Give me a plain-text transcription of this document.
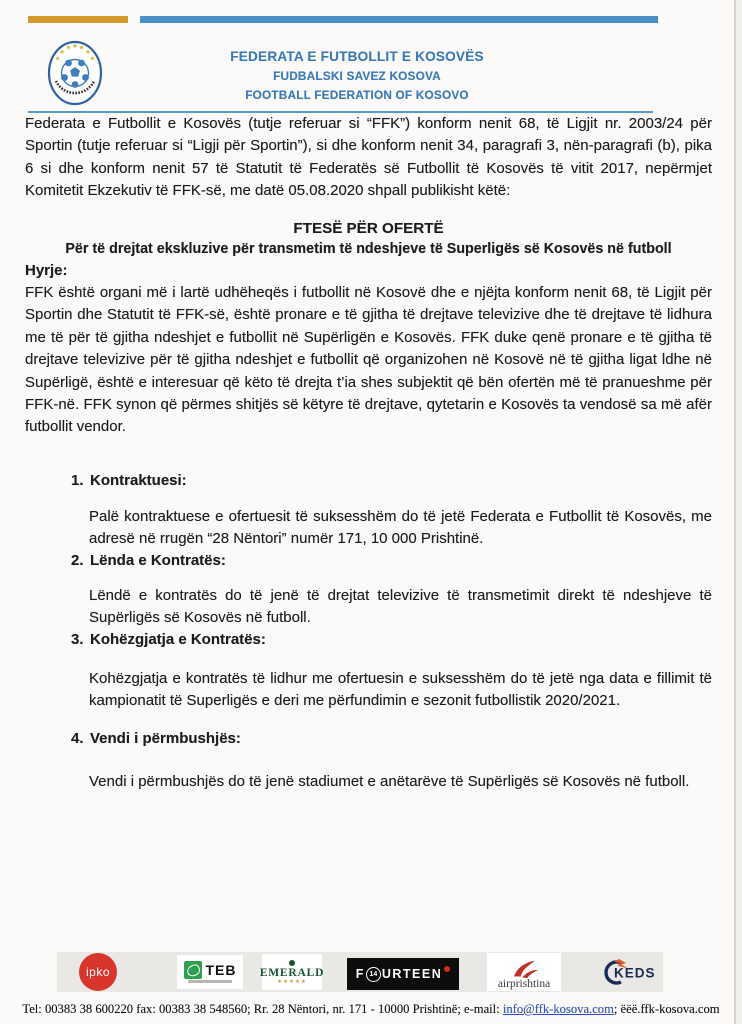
★
★
★ ★ ★
★
★	FEDERATA E FUTBOLLIT E KOSOVËS
FUDBALSKI SAVEZ KOSOVA
FOOTBALL FEDERATION OF KOSOVO

Federata e Futbollit e Kosovës (tutje referuar si “FFK”) konform nenit 68, të Ligjit nr. 2003/24 për Sportin (tutje referuar si “Ligji për Sportin”), si dhe konform nenit 34, paragrafi 3, nën-paragrafi (b), pika 6 si dhe konform nenit 57 të Statutit të Federatës së Futbollit të Kosovës të vitit 2017, nepërmjet Komitetit Ekzekutiv të FFK-së, me datë 05.08.2020 shpall publikisht këtë:

FTESË PËR OFERTË
Për të drejtat ekskluzive për transmetim të ndeshjeve të Superligës së Kosovës në futboll

Hyrje:

FFK është organi më i lartë udhëheqës i futbollit në Kosovë dhe e njëjta konform nenit 68, të Ligjit për Sportin dhe Statutit të FFK-së, është pronare e të gjitha të drejtave televizive dhe të drejtave të lidhura me të për të gjitha ndeshjet e futbollit në Supërligën e Kosovës. FFK duke qenë pronare e të gjitha të drejtave televizive për të gjitha ndeshjet e futbollit që organizohen në Kosovë në të gjitha ligat ldhe në Supërligë, është e interesuar që këto të drejta t’ia shes subjektit që bën ofertën më të pranueshme për FFK-në. FFK synon që përmes shitjës së këtyre të drejtave, qytetarin e Kosovës ta vendosë sa më afër futbollit vendor.

1. Kontraktuesi:

Palë kontraktuese e ofertuesit të suksesshëm do të jetë Federata e Futbollit të Kosovës, me adresë në rrugën “28 Nëntori” numër 171, 10 000 Prishtinë.

2. Lënda e Kontratës:

Lëndë e kontratës do të jenë të drejtat televizive të transmetimit direkt të ndeshjeve të Supërligës së Kosovës në futboll.

3. Kohëzgjatja e Kontratës:

Kohëzgjatja e kontratës të lidhur me ofertuesin e suksesshëm do të jetë nga data e fillimit të kampionatit të Superligës e deri me përfundimin e sezonit futbollistik 2020/2021.

4. Vendi i përmbushjës:

Vendi i përmbushjës do të jenë stadiumet e anëtarëve të Supërligës së Kosovës në futboll.

ipko	TEB EMERALD
★★★★★
F 14 URTEEN
airprishtina
KEDS
Tel: 00383 38 600220 fax: 00383 38 548560; Rr. 28 Nëntori, nr. 171 - 10000 Prishtinë; e-mail: info@ffk-kosova.com; ëëë.ffk-kosova.com
